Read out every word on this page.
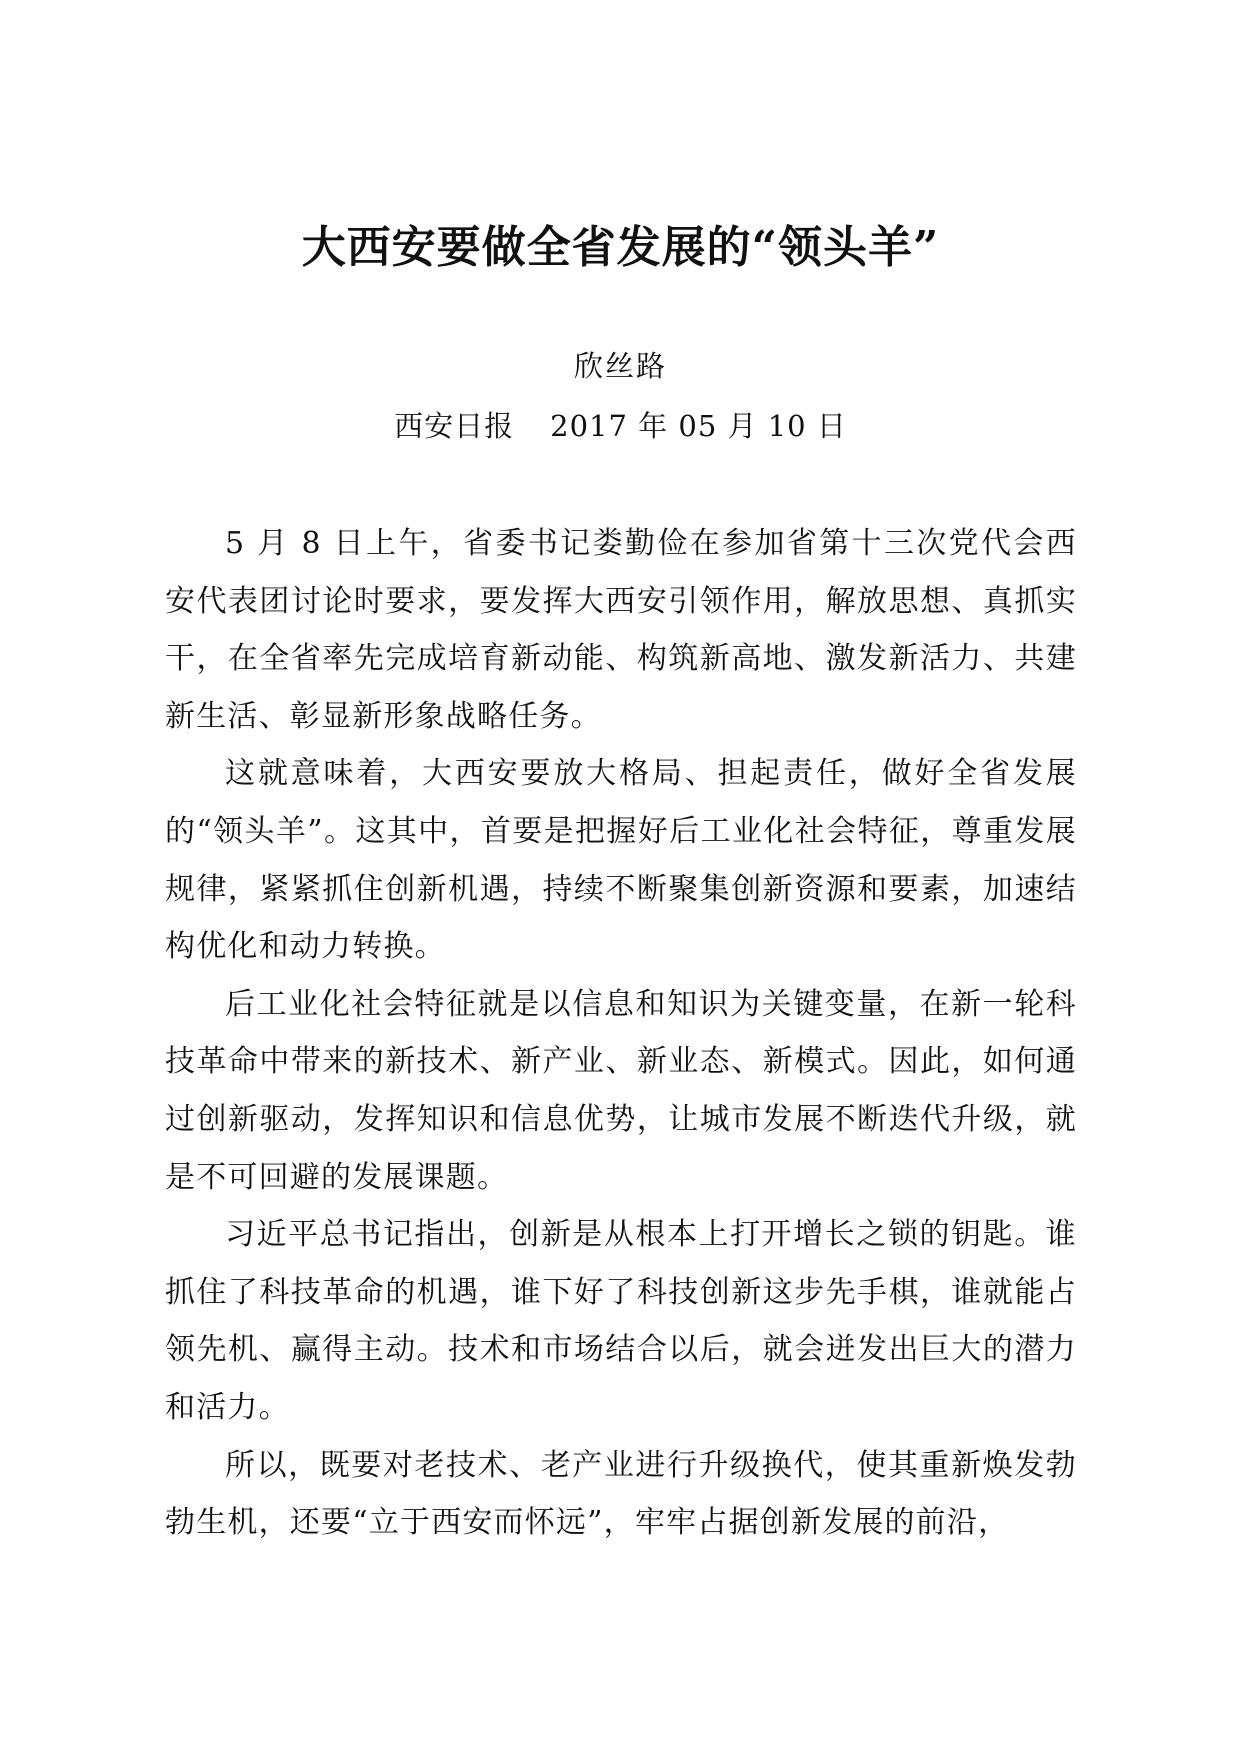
大西安要做全省发展的“领头羊”
欣丝路
西安日报 2017 年 05 月 10 日

5 月 8 日上午，省委书记娄勤俭在参加省第十三次党代会西安代表团讨论时要求，要发挥大西安引领作用，解放思想、真抓实干，在全省率先完成培育新动能、构筑新高地、激发新活力、共建新生活、彰显新形象战略任务。

这就意味着，大西安要放大格局、担起责任，做好全省发展的“领头羊”。这其中，首要是把握好后工业化社会特征，尊重发展规律，紧紧抓住创新机遇，持续不断聚集创新资源和要素，加速结构优化和动力转换。

后工业化社会特征就是以信息和知识为关键变量，在新一轮科技革命中带来的新技术、新产业、新业态、新模式。因此，如何通过创新驱动，发挥知识和信息优势，让城市发展不断迭代升级，就是不可回避的发展课题。

习近平总书记指出，创新是从根本上打开增长之锁的钥匙。谁抓住了科技革命的机遇，谁下好了科技创新这步先手棋，谁就能占领先机、赢得主动。技术和市场结合以后，就会迸发出巨大的潜力和活力。

所以，既要对老技术、老产业进行升级换代，使其重新焕发勃勃生机，还要“立于西安而怀远”，牢牢占据创新发展的前沿，
